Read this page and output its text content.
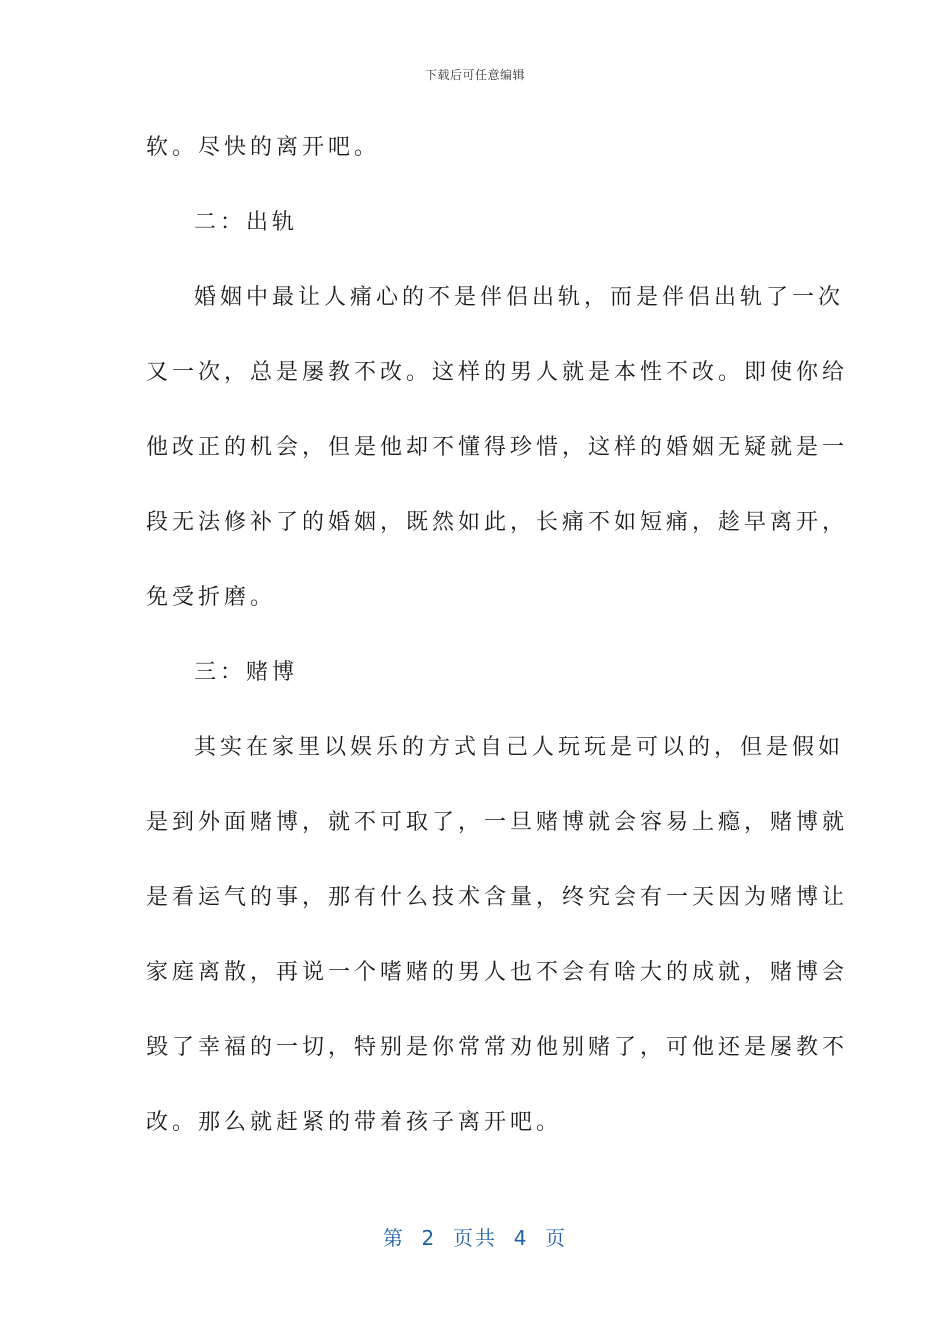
下载后可任意编辑
软。尽快的离开吧。
二：出轨
婚姻中最让人痛心的不是伴侣出轨，而是伴侣出轨了一次
又一次，总是屡教不改。这样的男人就是本性不改。即使你给
他改正的机会，但是他却不懂得珍惜，这样的婚姻无疑就是一
段无法修补了的婚姻，既然如此，长痛不如短痛，趁早离开，
免受折磨。
三：赌博
其实在家里以娱乐的方式自己人玩玩是可以的，但是假如
是到外面赌博，就不可取了，一旦赌博就会容易上瘾，赌博就
是看运气的事，那有什么技术含量，终究会有一天因为赌博让
家庭离散，再说一个嗜赌的男人也不会有啥大的成就，赌博会
毁了幸福的一切，特别是你常常劝他别赌了，可他还是屡教不
改。那么就赶紧的带着孩子离开吧。
第  2  页共  4  页
